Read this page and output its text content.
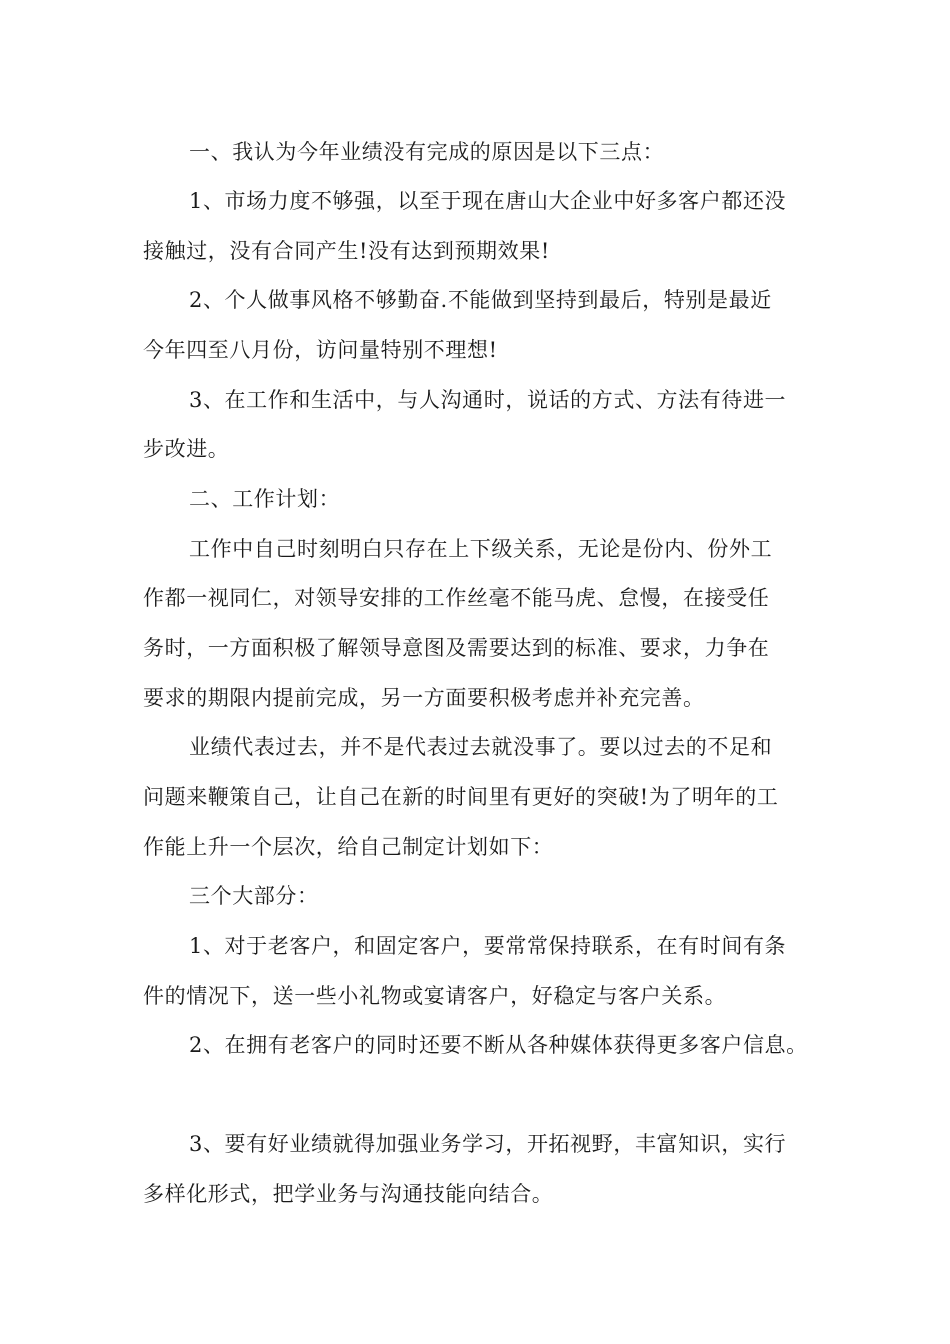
一、我认为今年业绩没有完成的原因是以下三点：
1、市场力度不够强，以至于现在唐山大企业中好多客户都还没
接触过，没有合同产生!没有达到预期效果!
2、个人做事风格不够勤奋.不能做到坚持到最后，特别是最近
今年四至八月份，访问量特别不理想!
3、在工作和生活中，与人沟通时，说话的方式、方法有待进一
步改进。
二、工作计划：
工作中自己时刻明白只存在上下级关系，无论是份内、份外工
作都一视同仁，对领导安排的工作丝毫不能马虎、怠慢，在接受任
务时，一方面积极了解领导意图及需要达到的标准、要求，力争在
要求的期限内提前完成，另一方面要积极考虑并补充完善。
业绩代表过去，并不是代表过去就没事了。要以过去的不足和
问题来鞭策自己，让自己在新的时间里有更好的突破!为了明年的工
作能上升一个层次，给自己制定计划如下：
三个大部分：
1、对于老客户，和固定客户，要常常保持联系，在有时间有条
件的情况下，送一些小礼物或宴请客户，好稳定与客户关系。
2、在拥有老客户的同时还要不断从各种媒体获得更多客户信息。
3、要有好业绩就得加强业务学习，开拓视野，丰富知识，实行
多样化形式，把学业务与沟通技能向结合。
